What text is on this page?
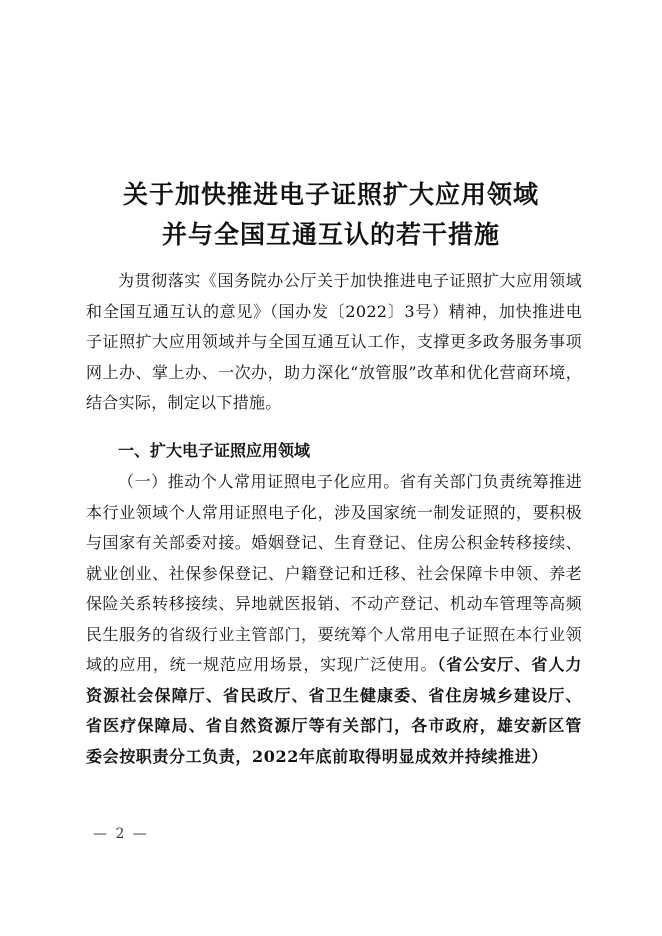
关于加快推进电子证照扩大应用领域
并与全国互通互认的若干措施

为贯彻落实《国务院办公厅关于加快推进电子证照扩大应用领域和全国互通互认的意见》（国办发〔2022〕3号）精神，加快推进电子证照扩大应用领域并与全国互通互认工作，支撑更多政务服务事项网上办、掌上办、一次办，助力深化“放管服”改革和优化营商环境，结合实际，制定以下措施。

一、扩大电子证照应用领域

（一）推动个人常用证照电子化应用。省有关部门负责统筹推进本行业领域个人常用证照电子化，涉及国家统一制发证照的，要积极与国家有关部委对接。婚姻登记、生育登记、住房公积金转移接续、就业创业、社保参保登记、户籍登记和迁移、社会保障卡申领、养老保险关系转移接续、异地就医报销、不动产登记、机动车管理等高频民生服务的省级行业主管部门，要统筹个人常用电子证照在本行业领域的应用，统一规范应用场景，实现广泛使用。（省公安厅、省人力资源社会保障厅、省民政厅、省卫生健康委、省住房城乡建设厅、省医疗保障局、省自然资源厅等有关部门，各市政府，雄安新区管委会按职责分工负责，2022年底前取得明显成效并持续推进）

— 2 —
